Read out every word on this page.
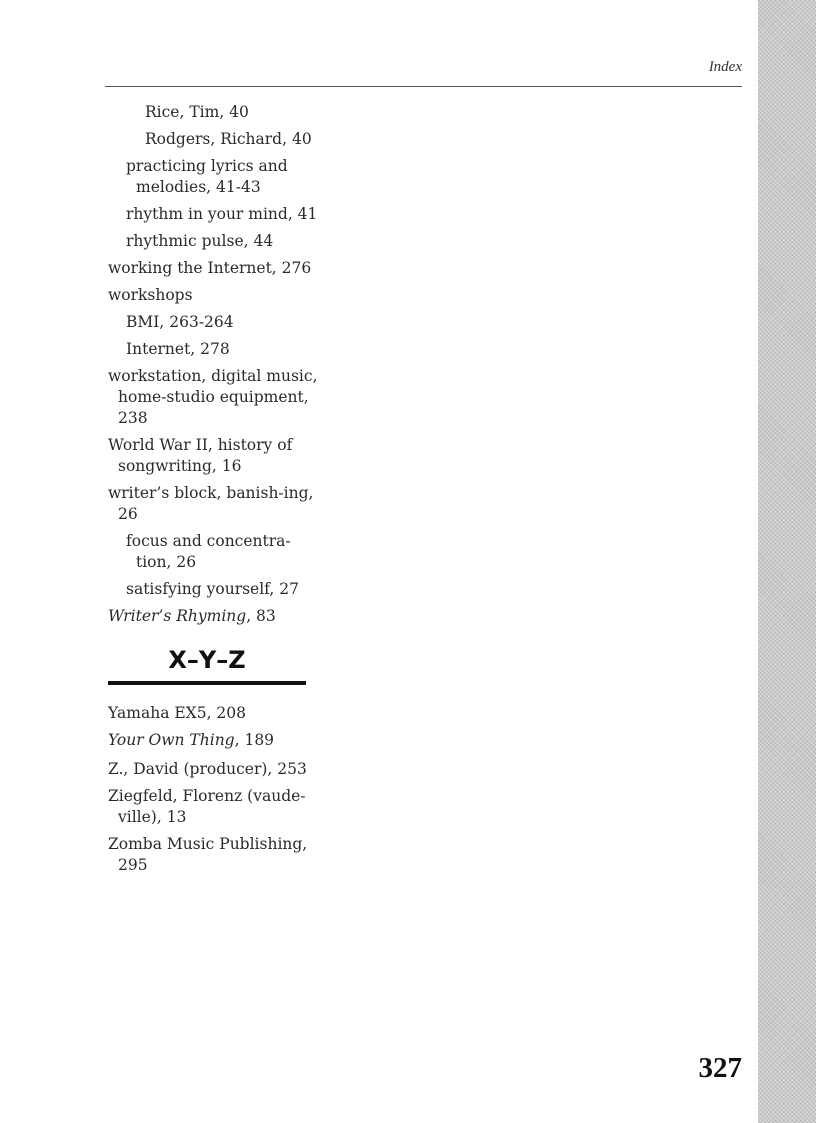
Index
Rice, Tim, 40
Rodgers, Richard, 40
practicing lyrics and melodies, 41-43
rhythm in your mind, 41
rhythmic pulse, 44
working the Internet, 276
workshops
BMI, 263-264
Internet, 278
workstation, digital music, home-studio equipment, 238
World War II, history of songwriting, 16
writer’s block, banish-ing, 26
focus and concentra-tion, 26
satisfying yourself, 27
Writer’s Rhyming, 83
X–Y–Z
Yamaha EX5, 208
Your Own Thing, 189
Z., David (producer), 253
Ziegfeld, Florenz (vaude-ville), 13
Zomba Music Publishing, 295
327
